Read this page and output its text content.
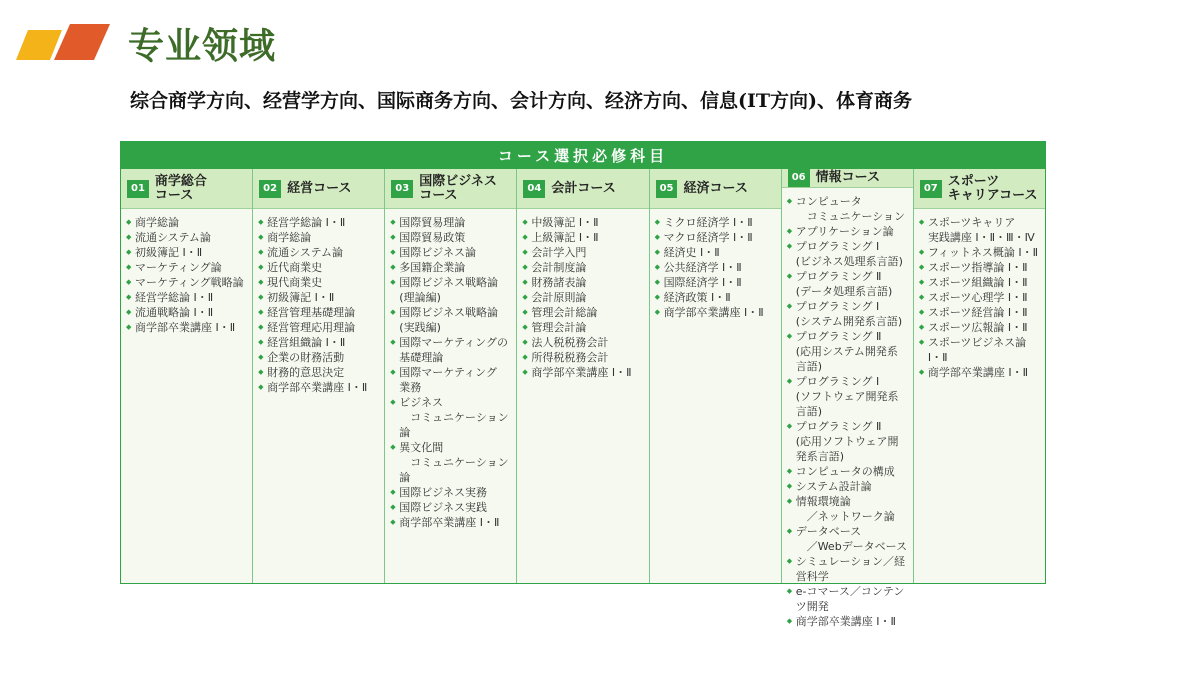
专业领域
综合商学方向、经营学方向、国际商务方向、会计方向、经济方向、信息(IT方向)、体育商务
コース選択必修科目
01 商学総合
コース
◆ 商学総論
◆ 流通システム論
◆ 初級簿記 Ⅰ・Ⅱ
◆ マーケティング論
◆ マーケティング戦略論
◆ 経営学総論 Ⅰ・Ⅱ
◆ 流通戦略論 Ⅰ・Ⅱ
◆ 商学部卒業講座 Ⅰ・Ⅱ
02 経営コース
◆ 経営学総論 Ⅰ・Ⅱ
◆ 商学総論
◆ 流通システム論
◆ 近代商業史
◆ 現代商業史
◆ 初級簿記 Ⅰ・Ⅱ
◆ 経営管理基礎理論
◆ 経営管理応用理論
◆ 経営組織論 Ⅰ・Ⅱ
◆ 企業の財務活動
◆ 財務的意思決定
◆ 商学部卒業講座 Ⅰ・Ⅱ
03 国際ビジネス
コース
◆ 国際貿易理論
◆ 国際貿易政策
◆ 国際ビジネス論
◆ 多国籍企業論
◆ 国際ビジネス戦略論
(理論編)
◆ 国際ビジネス戦略論
(実践編)
◆ 国際マーケティングの
基礎理論
◆ 国際マーケティング
業務
◆ ビジネス
　コミュニケーション論
◆ 異文化間
　コミュニケーション論
◆ 国際ビジネス実務
◆ 国際ビジネス実践
◆ 商学部卒業講座 Ⅰ・Ⅱ
04 会計コース
◆ 中級簿記 Ⅰ・Ⅱ
◆ 上級簿記 Ⅰ・Ⅱ
◆ 会計学入門
◆ 会計制度論
◆ 財務諸表論
◆ 会計原則論
◆ 管理会計総論
◆ 管理会計論
◆ 法人税税務会計
◆ 所得税税務会計
◆ 商学部卒業講座 Ⅰ・Ⅱ
05 経済コース
◆ ミクロ経済学 Ⅰ・Ⅱ
◆ マクロ経済学 Ⅰ・Ⅱ
◆ 経済史 Ⅰ・Ⅱ
◆ 公共経済学 Ⅰ・Ⅱ
◆ 国際経済学 Ⅰ・Ⅱ
◆ 経済政策 Ⅰ・Ⅱ
◆ 商学部卒業講座 Ⅰ・Ⅱ
06 情報コース
◆ コンピュータ
　コミュニケーション
◆ アプリケーション論
◆ プログラミング Ⅰ
(ビジネス処理系言語)
◆ プログラミング Ⅱ
(データ処理系言語)
◆ プログラミング Ⅰ
(システム開発系言語)
◆ プログラミング Ⅱ
(応用システム開発系言語)
◆ プログラミング Ⅰ
(ソフトウェア開発系言語)
◆ プログラミング Ⅱ
(応用ソフトウェア開発系言語)
◆ コンピュータの構成
◆ システム設計論
◆ 情報環境論
　／ネットワーク論
◆ データベース
　／Webデータベース
◆ シミュレーション／経営科学
◆ e-コマース／コンテンツ開発
◆ 商学部卒業講座 Ⅰ・Ⅱ
07 スポーツ
キャリアコース
◆ スポーツキャリア
実践講座 Ⅰ・Ⅱ・Ⅲ・Ⅳ
◆ フィットネス概論 Ⅰ・Ⅱ
◆ スポーツ指導論 Ⅰ・Ⅱ
◆ スポーツ組織論 Ⅰ・Ⅱ
◆ スポーツ心理学 Ⅰ・Ⅱ
◆ スポーツ経営論 Ⅰ・Ⅱ
◆ スポーツ広報論 Ⅰ・Ⅱ
◆ スポーツビジネス論 Ⅰ・Ⅱ
◆ 商学部卒業講座 Ⅰ・Ⅱ
